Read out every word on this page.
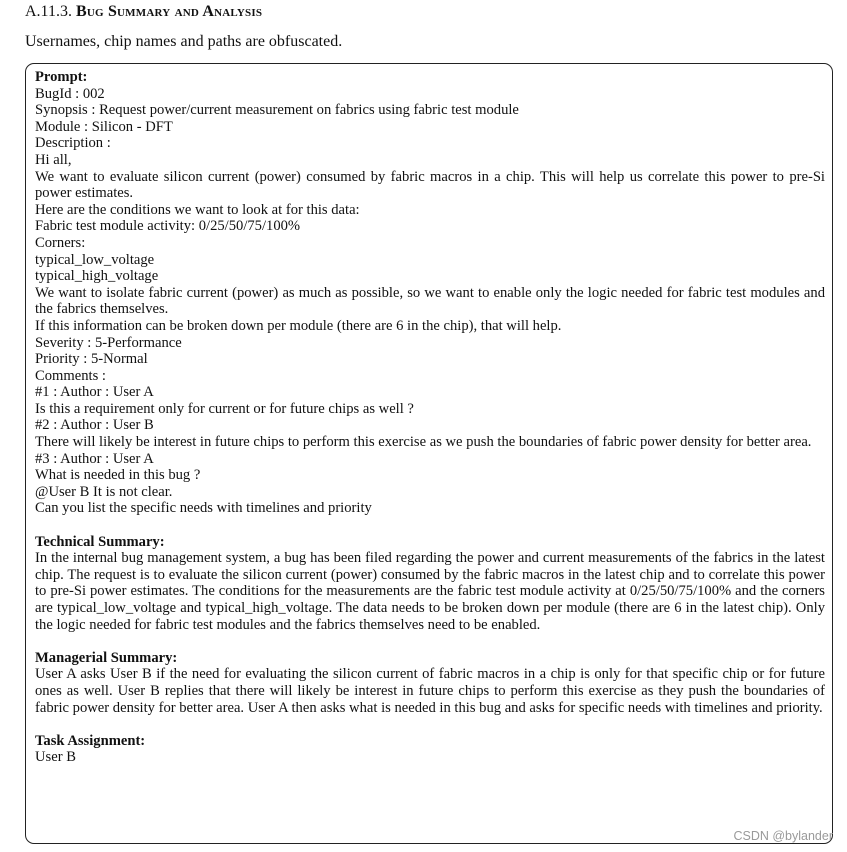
A.11.3. Bug Summary and Analysis
Usernames, chip names and paths are obfuscated.
Prompt:
BugId : 002
Synopsis : Request power/current measurement on fabrics using fabric test module
Module : Silicon - DFT
Description :
Hi all,
We want to evaluate silicon current (power) consumed by fabric macros in a chip. This will help us correlate this power to pre-Si power estimates.
Here are the conditions we want to look at for this data:
Fabric test module activity: 0/25/50/75/100%
Corners:
typical_low_voltage
typical_high_voltage
We want to isolate fabric current (power) as much as possible, so we want to enable only the logic needed for fabric test modules and the fabrics themselves.
If this information can be broken down per module (there are 6 in the chip), that will help.
Severity : 5-Performance
Priority : 5-Normal
Comments :
#1 : Author : User A
Is this a requirement only for current or for future chips as well ?
#2 : Author : User B
There will likely be interest in future chips to perform this exercise as we push the boundaries of fabric power density for better area.
#3 : Author : User A
What is needed in this bug ?
@User B It is not clear.
Can you list the specific needs with timelines and priority
Technical Summary:
In the internal bug management system, a bug has been filed regarding the power and current measurements of the fabrics in the latest chip. The request is to evaluate the silicon current (power) consumed by the fabric macros in the latest chip and to correlate this power to pre-Si power estimates. The conditions for the measurements are the fabric test module activity at 0/25/50/75/100% and the corners are typical_low_voltage and typical_high_voltage. The data needs to be broken down per module (there are 6 in the latest chip). Only the logic needed for fabric test modules and the fabrics themselves need to be enabled.
Managerial Summary:
User A asks User B if the need for evaluating the silicon current of fabric macros in a chip is only for that specific chip or for future ones as well. User B replies that there will likely be interest in future chips to perform this exercise as they push the boundaries of fabric power density for better area. User A then asks what is needed in this bug and asks for specific needs with timelines and priority.
Task Assignment:
User B
CSDN @bylander
